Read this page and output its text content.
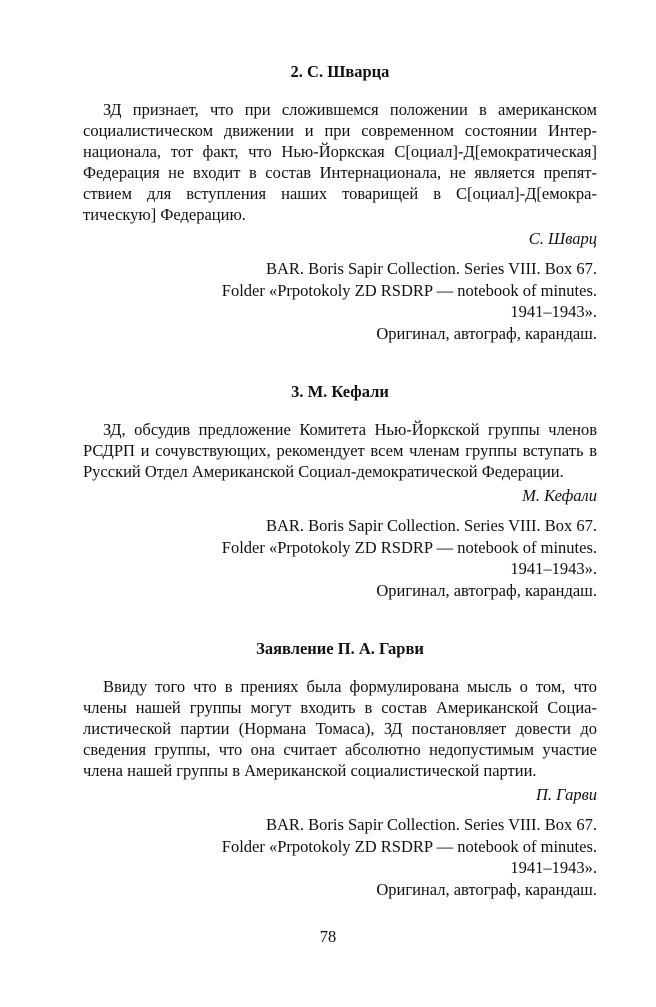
2. С. Шварца

ЗД признает, что при сложившемся положении в американском социалистическом движении и при современном состоянии Интернационала, тот факт, что Нью-Йоркская С[оциал]-Д[емократическая] Федерация не входит в состав Интернационала, не является препятствием для вступления наших товарищей в С[оциал]-Д[емократическую] Федерацию.

С. Шварц

BAR. Boris Sapir Collection. Series VIII. Box 67.
Folder «Prpotokoly ZD RSDRP — notebook of minutes.
1941–1943».
Оригинал, автограф, карандаш.
3. М. Кефали

ЗД, обсудив предложение Комитета Нью-Йоркской группы членов РСДРП и сочувствующих, рекомендует всем членам группы вступать в Русский Отдел Американской Социал-демократической Федерации.

М. Кефали

BAR. Boris Sapir Collection. Series VIII. Box 67.
Folder «Prpotokoly ZD RSDRP — notebook of minutes.
1941–1943».
Оригинал, автограф, карандаш.
Заявление П. А. Гарви

Ввиду того что в прениях была формулирована мысль о том, что члены нашей группы могут входить в состав Американской Социалистической партии (Нормана Томаса), ЗД постановляет довести до сведения группы, что она считает абсолютно недопустимым участие члена нашей группы в Американской социалистической партии.

П. Гарви

BAR. Boris Sapir Collection. Series VIII. Box 67.
Folder «Prpotokoly ZD RSDRP — notebook of minutes.
1941–1943».
Оригинал, автограф, карандаш.
78
